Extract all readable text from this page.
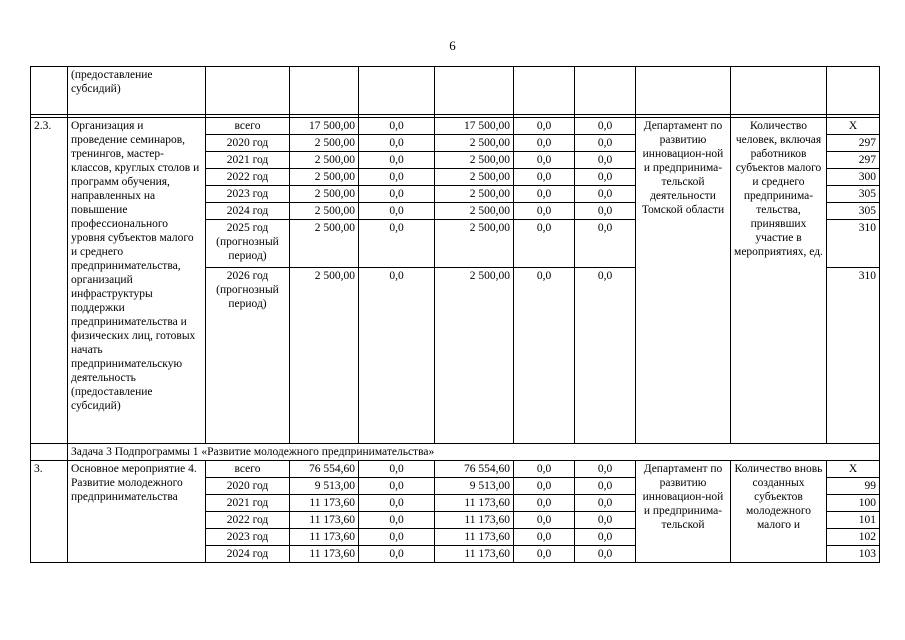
6
	(предоставление
субсидий)									

2.3.	Организация и проведение семинаров, тренингов, мастер-классов, круглых столов и программ обучения, направленных на повышение профессионального уровня субъектов малого и среднего предпринимательства, организаций инфраструктуры поддержки предпринимательства и физических лиц, готовых начать предпринимательскую деятельность (предоставление субсидий)	всего	17 500,00	0,0	17 500,00	0,0	0,0	Департамент по развитию инновацион-ной и предпринима-тельской деятельности Томской области	Количество человек, включая работников субъектов малого и среднего предпринима-тельства, принявших участие в мероприятиях, ед.	Х
		2020 год	2 500,00	0,0	2 500,00	0,0	0,0			297
		2021 год	2 500,00	0,0	2 500,00	0,0	0,0			297
		2022 год	2 500,00	0,0	2 500,00	0,0	0,0			300
		2023 год	2 500,00	0,0	2 500,00	0,0	0,0			305
		2024 год	2 500,00	0,0	2 500,00	0,0	0,0			305
		2025 год (прогнозный период)	2 500,00	0,0	2 500,00	0,0	0,0			310
		2026 год (прогнозный период)	2 500,00	0,0	2 500,00	0,0	0,0			310

	Задача 3 Подпрограммы 1 «Развитие молодежного предпринимательства»									
3.	Основное мероприятие 4. Развитие молодежного предпринимательства	всего	76 554,60	0,0	76 554,60	0,0	0,0	Департамент по развитию инновацион-ной и предпринима-тельской	Количество вновь созданных субъектов молодежного малого и	Х
		2020 год	9 513,00	0,0	9 513,00	0,0	0,0			99
		2021 год	11 173,60	0,0	11 173,60	0,0	0,0			100
		2022 год	11 173,60	0,0	11 173,60	0,0	0,0			101
		2023 год	11 173,60	0,0	11 173,60	0,0	0,0			102
		2024 год	11 173,60	0,0	11 173,60	0,0	0,0			103
